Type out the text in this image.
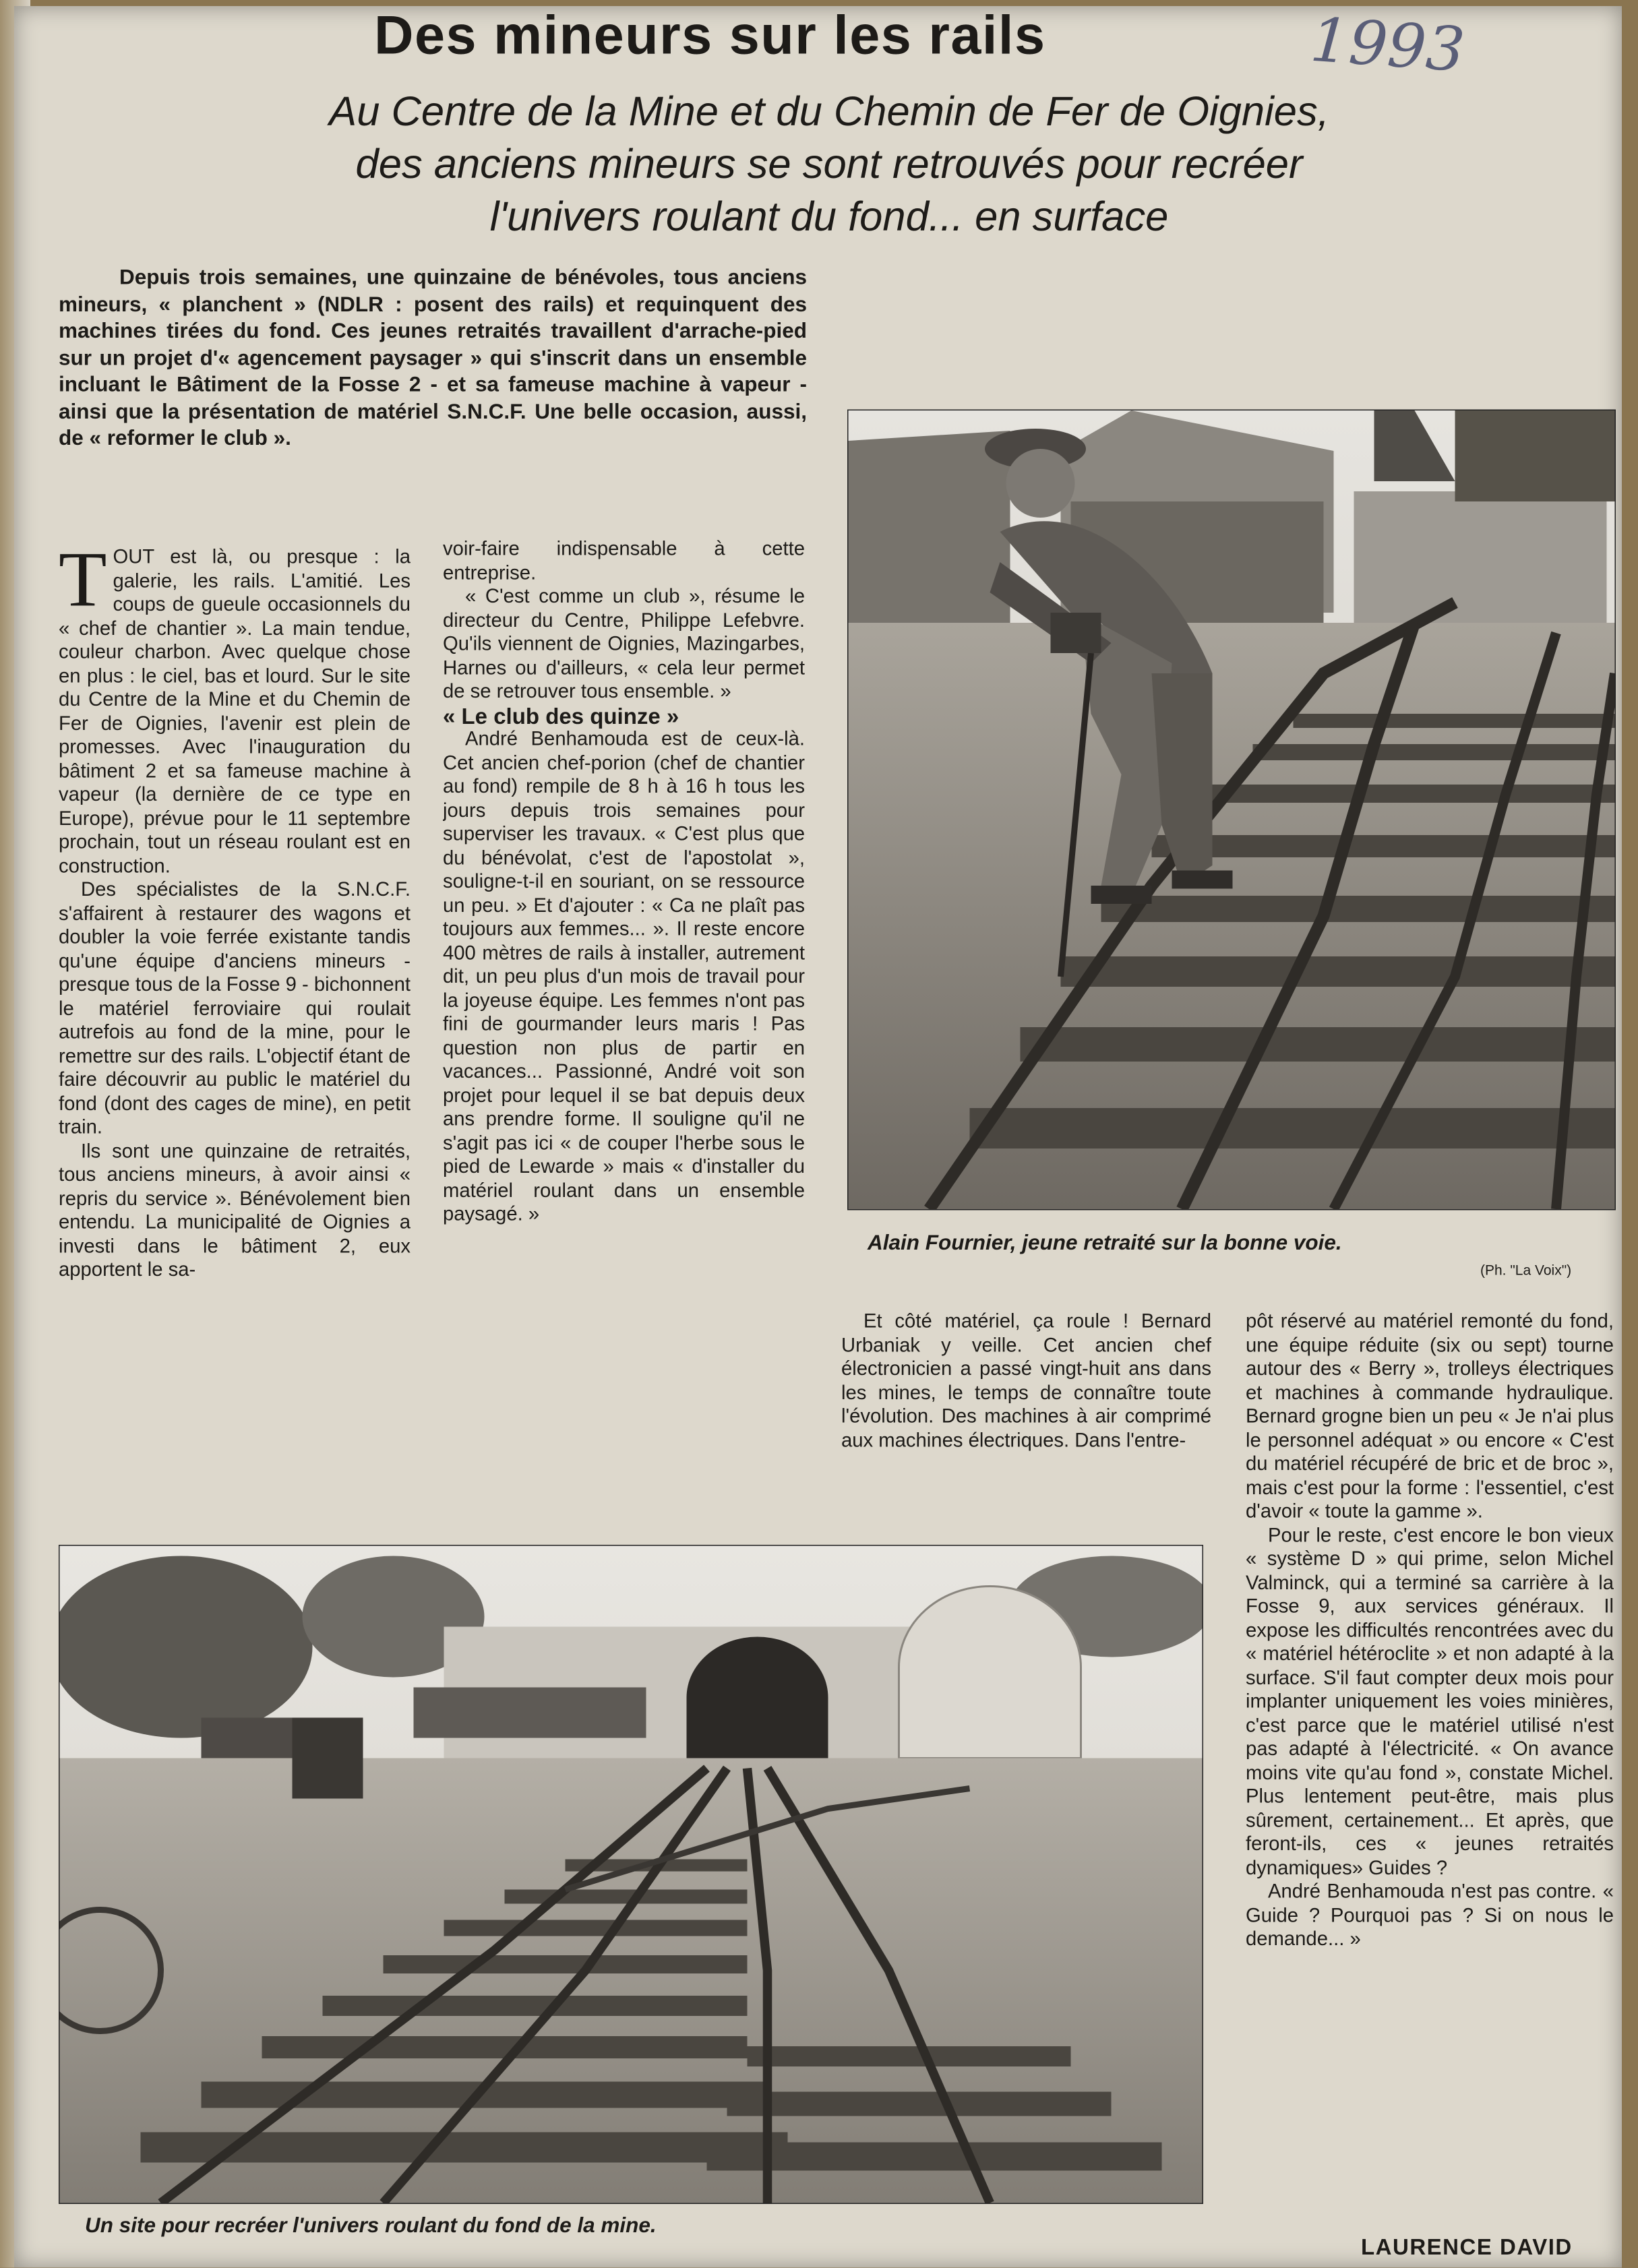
Des mineurs sur les rails	1993
Au Centre de la Mine et du Chemin de Fer de Oignies,
des anciens mineurs se sont retrouvés pour recréer
l'univers roulant du fond... en surface
Depuis trois semaines, une quinzaine de bénévoles, tous anciens mineurs, « planchent » (NDLR : posent des rails) et requinquent des machines tirées du fond. Ces jeunes retraités travaillent d'arrache-pied sur un projet d'« agencement paysager » qui s'inscrit dans un ensemble incluant le Bâtiment de la Fosse 2 - et sa fameuse machine à vapeur - ainsi que la présentation de matériel S.N.C.F. Une belle occasion, aussi, de « reformer le club ».

TOUT est là, ou presque : la galerie, les rails. L'amitié. Les coups de gueule occasionnels du « chef de chantier ». La main tendue, couleur charbon. Avec quelque chose en plus : le ciel, bas et lourd. Sur le site du Centre de la Mine et du Chemin de Fer de Oignies, l'avenir est plein de promesses. Avec l'inauguration du bâtiment 2 et sa fameuse machine à vapeur (la dernière de ce type en Europe), prévue pour le 11 septembre prochain, tout un réseau roulant est en construction.

Des spécialistes de la S.N.C.F. s'affairent à restaurer des wagons et doubler la voie ferrée existante tandis qu'une équipe d'anciens mineurs - presque tous de la Fosse 9 - bichonnent le matériel ferroviaire qui roulait autrefois au fond de la mine, pour le remettre sur des rails. L'objectif étant de faire découvrir au public le matériel du fond (dont des cages de mine), en petit train.

Ils sont une quinzaine de retraités, tous anciens mineurs, à avoir ainsi « repris du service ». Bénévolement bien entendu. La municipalité de Oignies a investi dans le bâtiment 2, eux apportent le sa-

voir-faire indispensable à cette entreprise.

« C'est comme un club », résume le directeur du Centre, Philippe Lefebvre. Qu'ils viennent de Oignies, Mazingarbes, Harnes ou d'ailleurs, « cela leur permet de se retrouver tous ensemble. »

« Le club des quinze »

André Benhamouda est de ceux-là. Cet ancien chef-porion (chef de chantier au fond) rempile de 8 h à 16 h tous les jours depuis trois semaines pour superviser les travaux. « C'est plus que du bénévolat, c'est de l'apostolat », souligne-t-il en souriant, on se ressource un peu. » Et d'ajouter : « Ca ne plaît pas toujours aux femmes... ». Il reste encore 400 mètres de rails à installer, autrement dit, un peu plus d'un mois de travail pour la joyeuse équipe. Les femmes n'ont pas fini de gourmander leurs maris ! Pas question non plus de partir en vacances... Passionné, André voit son projet pour lequel il se bat depuis deux ans prendre forme. Il souligne qu'il ne s'agit pas ici « de couper l'herbe sous le pied de Lewarde » mais « d'installer du matériel roulant dans un ensemble paysagé. »

Alain Fournier, jeune retraité sur la bonne voie.
(Ph. "La Voix")

Et côté matériel, ça roule ! Bernard Urbaniak y veille. Cet ancien chef électronicien a passé vingt-huit ans dans les mines, le temps de connaître toute l'évolution. Des machines à air comprimé aux machines électriques. Dans l'entre-

pôt réservé au matériel remonté du fond, une équipe réduite (six ou sept) tourne autour des « Berry », trolleys électriques et machines à commande hydraulique. Bernard grogne bien un peu « Je n'ai plus le personnel adéquat » ou encore « C'est du matériel récupéré de bric et de broc », mais c'est pour la forme : l'essentiel, c'est d'avoir « toute la gamme ».

Pour le reste, c'est encore le bon vieux « système D » qui prime, selon Michel Valminck, qui a terminé sa carrière à la Fosse 9, aux services généraux. Il expose les difficultés rencontrées avec du « matériel hétéroclite » et non adapté à la surface. S'il faut compter deux mois pour implanter uniquement les voies minières, c'est parce que le matériel utilisé n'est pas adapté à l'électricité. « On avance moins vite qu'au fond », constate Michel. Plus lentement peut-être, mais plus sûrement, certainement... Et après, que feront-ils, ces « jeunes retraités dynamiques» Guides ?

André Benhamouda n'est pas contre. « Guide ? Pourquoi pas ? Si on nous le demande... »

Un site pour recréer l'univers roulant du fond de la mine.
LAURENCE DAVID
